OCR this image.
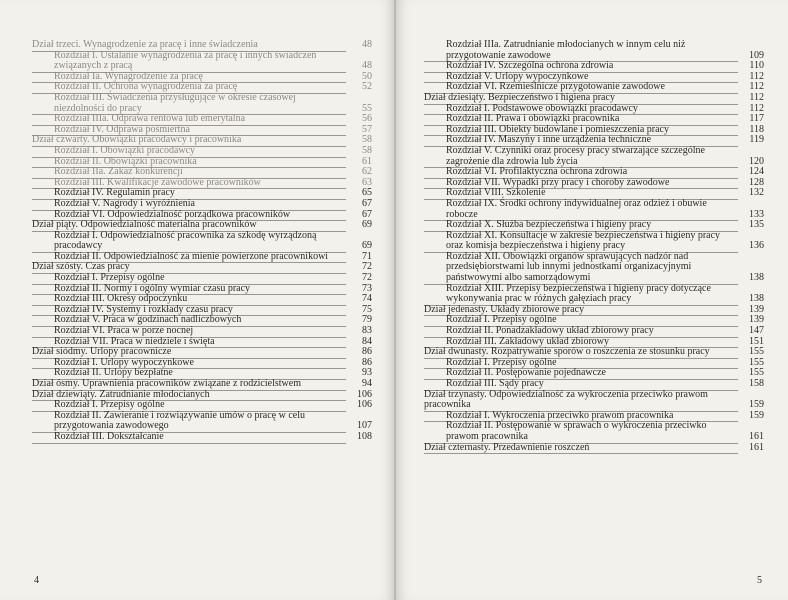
Dział trzeci. Wynagrodzenie za pracę i inne świadczenia	48
Rozdział I. Ustalanie wynagrodzenia za pracę i innych świadczeń związanych z pracą	48
Rozdział Ia. Wynagrodzenie za pracę	50
Rozdział II. Ochrona wynagrodzenia za pracę	52
Rozdział III. Świadczenia przysługujące w okresie czasowej niezdolności do pracy	55
Rozdział IIIa. Odprawa rentowa lub emerytalna	56
Rozdział IV. Odprawa pośmiertna	57
Dział czwarty. Obowiązki pracodawcy i pracownika	58
Rozdział I. Obowiązki pracodawcy	58
Rozdział II. Obowiązki pracownika	61
Rozdział IIa. Zakaz konkurencji	62
Rozdział III. Kwalifikacje zawodowe pracowników	63
Rozdział IV. Regulamin pracy	65
Rozdział V. Nagrody i wyróżnienia	67
Rozdział VI. Odpowiedzialność porządkowa pracowników	67
Dział piąty. Odpowiedzialność materialna pracowników	69
Rozdział I. Odpowiedzialność pracownika za szkodę wyrządzoną pracodawcy	69
Rozdział II. Odpowiedzialność za mienie powierzone pracownikowi	71
Dział szósty. Czas pracy	72
Rozdział I. Przepisy ogólne	72
Rozdział II. Normy i ogólny wymiar czasu pracy	73
Rozdział III. Okresy odpoczynku	74
Rozdział IV. Systemy i rozkłady czasu pracy	75
Rozdział V. Praca w godzinach nadliczbowych	79
Rozdział VI. Praca w porze nocnej	83
Rozdział VII. Praca w niedziele i święta	84
Dział siódmy. Urlopy pracownicze	86
Rozdział I. Urlopy wypoczynkowe	86
Rozdział II. Urlopy bezpłatne	93
Dział ósmy. Uprawnienia pracowników związane z rodzicielstwem	94
Dział dziewiąty. Zatrudnianie młodocianych	106
Rozdział I. Przepisy ogólne	106
Rozdział II. Zawieranie i rozwiązywanie umów o pracę w celu przygotowania zawodowego	107
Rozdział III. Dokształcanie	108
4
Rozdział IIIa. Zatrudnianie młodocianych w innym celu niż przygotowanie zawodowe	109
Rozdział IV. Szczególna ochrona zdrowia	110
Rozdział V. Urlopy wypoczynkowe	112
Rozdział VI. Rzemieślnicze przygotowanie zawodowe	112
Dział dziesiąty. Bezpieczeństwo i higiena pracy	112
Rozdział I. Podstawowe obowiązki pracodawcy	112
Rozdział II. Prawa i obowiązki pracownika	117
Rozdział III. Obiekty budowlane i pomieszczenia pracy	118
Rozdział IV. Maszyny i inne urządzenia techniczne	119
Rozdział V. Czynniki oraz procesy pracy stwarzające szczególne zagrożenie dla zdrowia lub życia	120
Rozdział VI. Profilaktyczna ochrona zdrowia	124
Rozdział VII. Wypadki przy pracy i choroby zawodowe	128
Rozdział VIII. Szkolenie	132
Rozdział IX. Środki ochrony indywidualnej oraz odzież i obuwie robocze	133
Rozdział X. Służba bezpieczeństwa i higieny pracy	135
Rozdział XI. Konsultacje w zakresie bezpieczeństwa i higieny pracy oraz komisja bezpieczeństwa i higieny pracy	136
Rozdział XII. Obowiązki organów sprawujących nadzór nad przedsiębiorstwami lub innymi jednostkami organizacyjnymi państwowymi albo samorządowymi	138
Rozdział XIII. Przepisy bezpieczeństwa i higieny pracy dotyczące wykonywania prac w różnych gałęziach pracy	138
Dział jedenasty. Układy zbiorowe pracy	139
Rozdział I. Przepisy ogólne	139
Rozdział II. Ponadzakładowy układ zbiorowy pracy	147
Rozdział III. Zakładowy układ zbiorowy	151
Dział dwunasty. Rozpatrywanie sporów o roszczenia ze stosunku pracy	155
Rozdział I. Przepisy ogólne	155
Rozdział II. Postępowanie pojednawcze	155
Rozdział III. Sądy pracy	158
Dział trzynasty. Odpowiedzialność za wykroczenia przeciwko prawom pracownika	159
Rozdział I. Wykroczenia przeciwko prawom pracownika	159
Rozdział II. Postępowanie w sprawach o wykroczenia przeciwko prawom pracownika	161
Dział czternasty. Przedawnienie roszczeń	161
5
